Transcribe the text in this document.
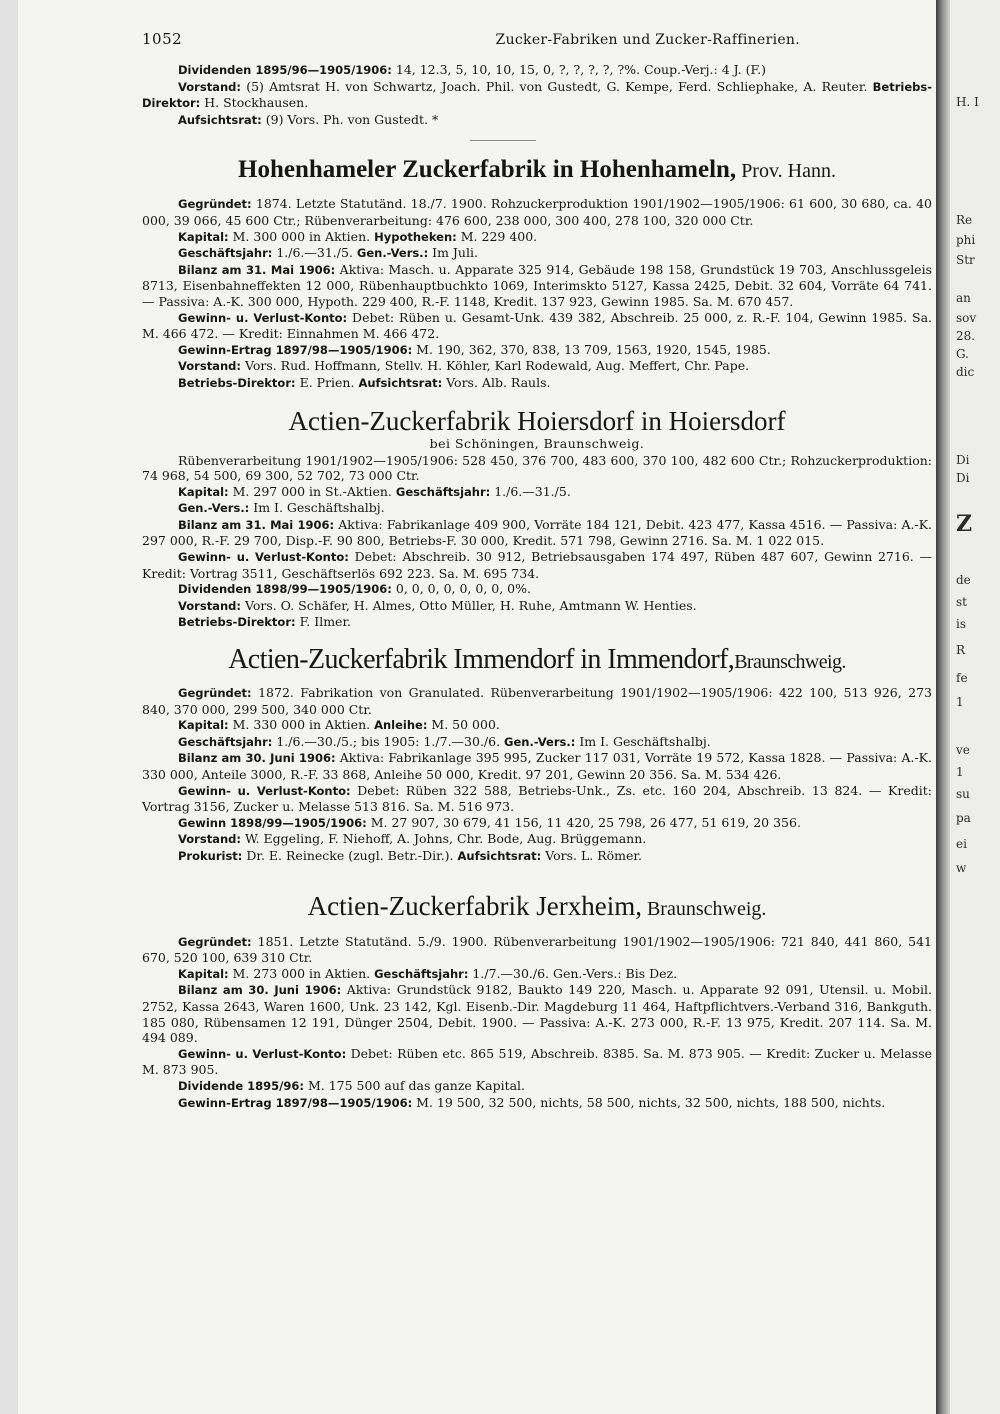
H. I
Re
phi
Str
an
sov
28.
G.
dic
Di
Di
Z
de
st
is
R
fe
1
ve
1
su
pa
ei
w
1052	Zucker-Fabriken und Zucker-Raffinerien.

Dividenden 1895/96—1905/1906: 14, 12.3, 5, 10, 10, 15, 0, ?, ?, ?, ?, ?%. Coup.-Verj.: 4 J. (F.)

Vorstand: (5) Amtsrat H. von Schwartz, Joach. Phil. von Gustedt, G. Kempe, Ferd. Schliephake, A. Reuter. Betriebs-Direktor: H. Stockhausen.

Aufsichtsrat: (9) Vors. Ph. von Gustedt. *

Hohenhameler Zuckerfabrik in Hohenhameln, Prov. Hann.

Gegründet: 1874. Letzte Statutänd. 18./7. 1900. Rohzuckerproduktion 1901/1902—1905/1906: 61 600, 30 680, ca. 40 000, 39 066, 45 600 Ctr.; Rübenverarbeitung: 476 600, 238 000, 300 400, 278 100, 320 000 Ctr.

Kapital: M. 300 000 in Aktien. Hypotheken: M. 229 400.

Geschäftsjahr: 1./6.—31./5. Gen.-Vers.: Im Juli.

Bilanz am 31. Mai 1906: Aktiva: Masch. u. Apparate 325 914, Gebäude 198 158, Grundstück 19 703, Anschlussgeleis 8713, Eisenbahneffekten 12 000, Rübenhauptbuchkto 1069, Interimskto 5127, Kassa 2425, Debit. 32 604, Vorräte 64 741. — Passiva: A.-K. 300 000, Hypoth. 229 400, R.-F. 1148, Kredit. 137 923, Gewinn 1985. Sa. M. 670 457.

Gewinn- u. Verlust-Konto: Debet: Rüben u. Gesamt-Unk. 439 382, Abschreib. 25 000, z. R.-F. 104, Gewinn 1985. Sa. M. 466 472. — Kredit: Einnahmen M. 466 472.

Gewinn-Ertrag 1897/98—1905/1906: M. 190, 362, 370, 838, 13 709, 1563, 1920, 1545, 1985.

Vorstand: Vors. Rud. Hoffmann, Stellv. H. Köhler, Karl Rodewald, Aug. Meffert, Chr. Pape.

Betriebs-Direktor: E. Prien. Aufsichtsrat: Vors. Alb. Rauls.

Actien-Zuckerfabrik Hoiersdorf in Hoiersdorf

bei Schöningen, Braunschweig.

Rübenverarbeitung 1901/1902—1905/1906: 528 450, 376 700, 483 600, 370 100, 482 600 Ctr.; Rohzuckerproduktion: 74 968, 54 500, 69 300, 52 702, 73 000 Ctr.

Kapital: M. 297 000 in St.-Aktien. Geschäftsjahr: 1./6.—31./5.

Gen.-Vers.: Im I. Geschäftshalbj.

Bilanz am 31. Mai 1906: Aktiva: Fabrikanlage 409 900, Vorräte 184 121, Debit. 423 477, Kassa 4516. — Passiva: A.-K. 297 000, R.-F. 29 700, Disp.-F. 90 800, Betriebs-F. 30 000, Kredit. 571 798, Gewinn 2716. Sa. M. 1 022 015.

Gewinn- u. Verlust-Konto: Debet: Abschreib. 30 912, Betriebsausgaben 174 497, Rüben 487 607, Gewinn 2716. — Kredit: Vortrag 3511, Geschäftserlös 692 223. Sa. M. 695 734.

Dividenden 1898/99—1905/1906: 0, 0, 0, 0, 0, 0, 0, 0%.

Vorstand: Vors. O. Schäfer, H. Almes, Otto Müller, H. Ruhe, Amtmann W. Henties.

Betriebs-Direktor: F. Ilmer.

Actien-Zuckerfabrik Immendorf in Immendorf,Braunschweig.

Gegründet: 1872. Fabrikation von Granulated. Rübenverarbeitung 1901/1902—1905/1906: 422 100, 513 926, 273 840, 370 000, 299 500, 340 000 Ctr.

Kapital: M. 330 000 in Aktien. Anleihe: M. 50 000.

Geschäftsjahr: 1./6.—30./5.; bis 1905: 1./7.—30./6. Gen.-Vers.: Im I. Geschäftshalbj.

Bilanz am 30. Juni 1906: Aktiva: Fabrikanlage 395 995, Zucker 117 031, Vorräte 19 572, Kassa 1828. — Passiva: A.-K. 330 000, Anteile 3000, R.-F. 33 868, Anleihe 50 000, Kredit. 97 201, Gewinn 20 356. Sa. M. 534 426.

Gewinn- u. Verlust-Konto: Debet: Rüben 322 588, Betriebs-Unk., Zs. etc. 160 204, Abschreib. 13 824. — Kredit: Vortrag 3156, Zucker u. Melasse 513 816. Sa. M. 516 973.

Gewinn 1898/99—1905/1906: M. 27 907, 30 679, 41 156, 11 420, 25 798, 26 477, 51 619, 20 356.

Vorstand: W. Eggeling, F. Niehoff, A. Johns, Chr. Bode, Aug. Brüggemann.

Prokurist: Dr. E. Reinecke (zugl. Betr.-Dir.). Aufsichtsrat: Vors. L. Römer.

Actien-Zuckerfabrik Jerxheim, Braunschweig.

Gegründet: 1851. Letzte Statutänd. 5./9. 1900. Rübenverarbeitung 1901/1902—1905/1906: 721 840, 441 860, 541 670, 520 100, 639 310 Ctr.

Kapital: M. 273 000 in Aktien. Geschäftsjahr: 1./7.—30./6. Gen.-Vers.: Bis Dez.

Bilanz am 30. Juni 1906: Aktiva: Grundstück 9182, Baukto 149 220, Masch. u. Apparate 92 091, Utensil. u. Mobil. 2752, Kassa 2643, Waren 1600, Unk. 23 142, Kgl. Eisenb.-Dir. Magdeburg 11 464, Haftpflichtvers.-Verband 316, Bankguth. 185 080, Rübensamen 12 191, Dünger 2504, Debit. 1900. — Passiva: A.-K. 273 000, R.-F. 13 975, Kredit. 207 114. Sa. M. 494 089.

Gewinn- u. Verlust-Konto: Debet: Rüben etc. 865 519, Abschreib. 8385. Sa. M. 873 905. — Kredit: Zucker u. Melasse M. 873 905.

Dividende 1895/96: M. 175 500 auf das ganze Kapital.

Gewinn-Ertrag 1897/98—1905/1906: M. 19 500, 32 500, nichts, 58 500, nichts, 32 500, nichts, 188 500, nichts.
